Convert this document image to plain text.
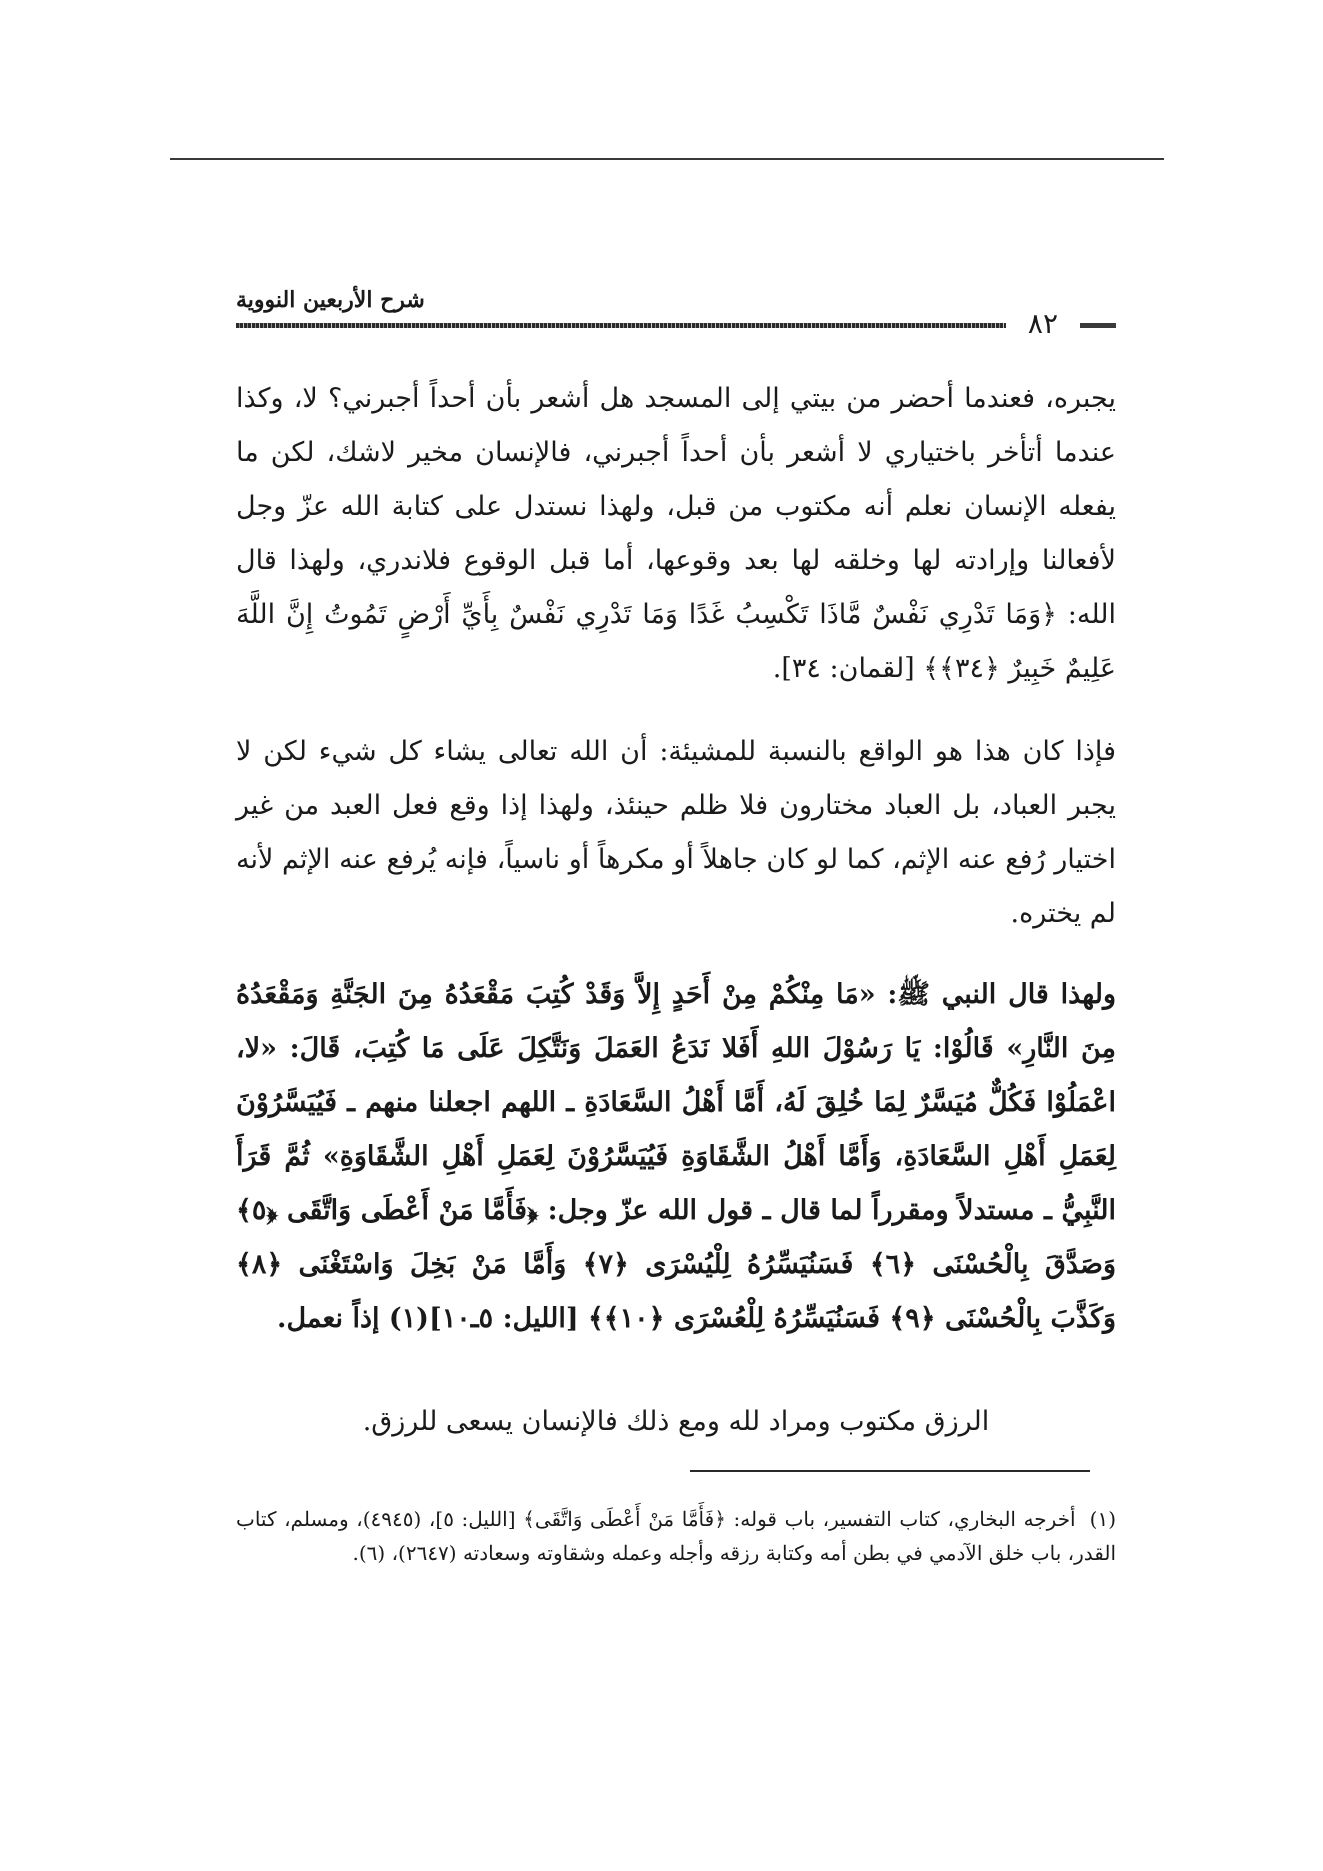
شرح الأربعين النووية
٨٢

يجبره، فعندما أحضر من بيتي إلى المسجد هل أشعر بأن أحداً أجبرني؟ لا، وكذا عندما أتأخر باختياري لا أشعر بأن أحداً أجبرني، فالإنسان مخير لاشك، لكن ما يفعله الإنسان نعلم أنه مكتوب من قبل، ولهذا نستدل على كتابة الله عزّ وجل لأفعالنا وإرادته لها وخلقه لها بعد وقوعها، أما قبل الوقوع فلاندري، ولهذا قال الله: ﴿وَمَا تَدْرِي نَفْسٌ مَّاذَا تَكْسِبُ غَدًا وَمَا تَدْرِي نَفْسٌ بِأَيِّ أَرْضٍ تَمُوتُ إِنَّ اللَّهَ عَلِيمٌ خَبِيرٌ ﴿٣٤﴾﴾ [لقمان: ٣٤].

فإذا كان هذا هو الواقع بالنسبة للمشيئة: أن الله تعالى يشاء كل شيء لكن لا يجبر العباد، بل العباد مختارون فلا ظلم حينئذ، ولهذا إذا وقع فعل العبد من غير اختيار رُفع عنه الإثم، كما لو كان جاهلاً أو مكرهاً أو ناسياً، فإنه يُرفع عنه الإثم لأنه لم يختره.

ولهذا قال النبي ﷺ: «مَا مِنْكُمْ مِنْ أَحَدٍ إِلاَّ وَقَدْ كُتِبَ مَقْعَدُهُ مِنَ الجَنَّةِ وَمَقْعَدُهُ مِنَ النَّارِ» قَالُوْا: يَا رَسُوْلَ اللهِ أَفَلا نَدَعُ العَمَلَ وَنَتَّكِلَ عَلَى مَا كُتِبَ، قَالَ: «لا، اعْمَلُوْا فَكُلٌّ مُيَسَّرٌ لِمَا خُلِقَ لَهُ، أَمَّا أَهْلُ السَّعَادَةِ ـ اللهم اجعلنا منهم ـ فَيُيَسَّرُوْنَ لِعَمَلِ أَهْلِ السَّعَادَةِ، وَأَمَّا أَهْلُ الشَّقَاوَةِ فَيُيَسَّرُوْنَ لِعَمَلِ أَهْلِ الشَّقَاوَةِ» ثُمَّ قَرَأَ النَّبِيُّ ـ مستدلاً ومقرراً لما قال ـ قول الله عزّ وجل: ﴿فَأَمَّا مَنْ أَعْطَى وَاتَّقَى ﴿٥﴾ وَصَدَّقَ بِالْحُسْنَى ﴿٦﴾ فَسَنُيَسِّرُهُ لِلْيُسْرَى ﴿٧﴾ وَأَمَّا مَنْ بَخِلَ وَاسْتَغْنَى ﴿٨﴾ وَكَذَّبَ بِالْحُسْنَى ﴿٩﴾ فَسَنُيَسِّرُهُ لِلْعُسْرَى ﴿١٠﴾﴾ [الليل: ٥ـ١٠](١) إذاً نعمل.

الرزق مكتوب ومراد لله ومع ذلك فالإنسان يسعى للرزق.

(١)أخرجه البخاري، كتاب التفسير، باب قوله: ﴿فَأَمَّا مَنْ أَعْطَى وَاتَّقَى﴾ [الليل: ٥]، (٤٩٤٥)، ومسلم، كتاب القدر، باب خلق الآدمي في بطن أمه وكتابة رزقه وأجله وعمله وشقاوته وسعادته (٢٦٤٧)، (٦).
